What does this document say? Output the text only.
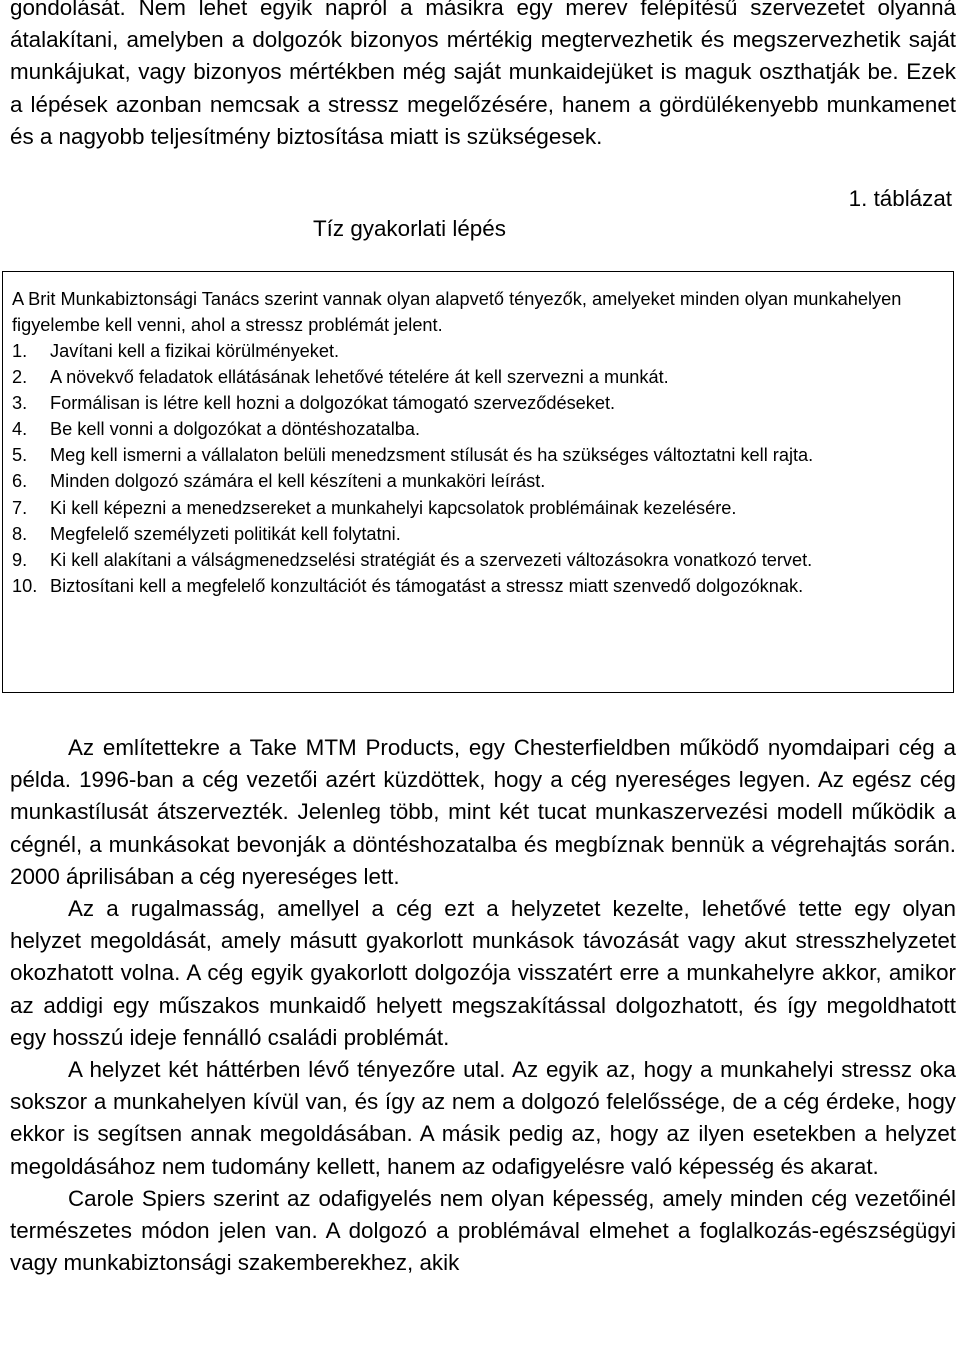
gondolását. Nem lehet egyik napról a másikra egy merev felépítésű szervezetet olyanná átalakítani, amelyben a dolgozók bizonyos mértékig megtervezhetik és megszervezhetik saját munkájukat, vagy bizonyos mértékben még saját munkaidejüket is maguk oszthatják be. Ezek a lépések azonban nemcsak a stressz megelőzésére, hanem a gördülékenyebb munkamenet és a nagyobb teljesítmény biztosítása miatt is szükségesek.

1. táblázat
Tíz gyakorlati lépés
A Brit Munkabiztonsági Tanács szerint vannak olyan alapvető tényezők, amelyeket minden olyan munkahelyen figyelembe kell venni, ahol a stressz problémát jelent.
1.	Javítani kell a fizikai körülményeket.
2.	A növekvő feladatok ellátásának lehetővé tételére át kell szervezni a munkát.
3.	Formálisan is létre kell hozni a dolgozókat támogató szerveződéseket.
4.	Be kell vonni a dolgozókat a döntéshozatalba.
5.	Meg kell ismerni a vállalaton belüli menedzsment stílusát és ha szükséges változtatni kell rajta.
6.	Minden dolgozó számára el kell készíteni a munkaköri leírást.
7.	Ki kell képezni a menedzsereket a munkahelyi kapcsolatok problémáinak kezelésére.
8.	Megfelelő személyzeti politikát kell folytatni.
9.	Ki kell alakítani a válságmenedzselési stratégiát és a szervezeti változásokra vonatkozó tervet.
10. Biztosítani kell a megfelelő konzultációt és támogatást a stressz miatt szenvedő dolgozóknak.

Az említettekre a Take MTM Products, egy Chesterfieldben működő nyomdaipari cég a példa. 1996-ban a cég vezetői azért küzdöttek, hogy a cég nyereséges legyen. Az egész cég munkastílusát átszervezték. Jelenleg több, mint két tucat munkaszervezési modell működik a cégnél, a munkásokat bevonják a döntéshozatalba és megbíznak bennük a végrehajtás során. 2000 áprilisában a cég nyereséges lett.

Az a rugalmasság, amellyel a cég ezt a helyzetet kezelte, lehetővé tette egy olyan helyzet megoldását, amely másutt gyakorlott munkások távozását vagy akut stresszhelyzetet okozhatott volna. A cég egyik gyakorlott dolgozója visszatért erre a munkahelyre akkor, amikor az addigi egy műszakos munkaidő helyett megszakítással dolgozhatott, és így megoldhatott egy hosszú ideje fennálló családi problémát.

A helyzet két háttérben lévő tényezőre utal. Az egyik az, hogy a munkahelyi stressz oka sokszor a munkahelyen kívül van, és így az nem a dolgozó felelőssége, de a cég érdeke, hogy ekkor is segítsen annak megoldásában. A másik pedig az, hogy az ilyen esetekben a helyzet megoldásához nem tudomány kellett, hanem az odafigyelésre való képesség és akarat.

Carole Spiers szerint az odafigyelés nem olyan képesség, amely minden cég vezetőinél természetes módon jelen van. A dolgozó a problémával elmehet a foglalkozás-egészségügyi vagy munkabiztonsági szakemberekhez, akik
